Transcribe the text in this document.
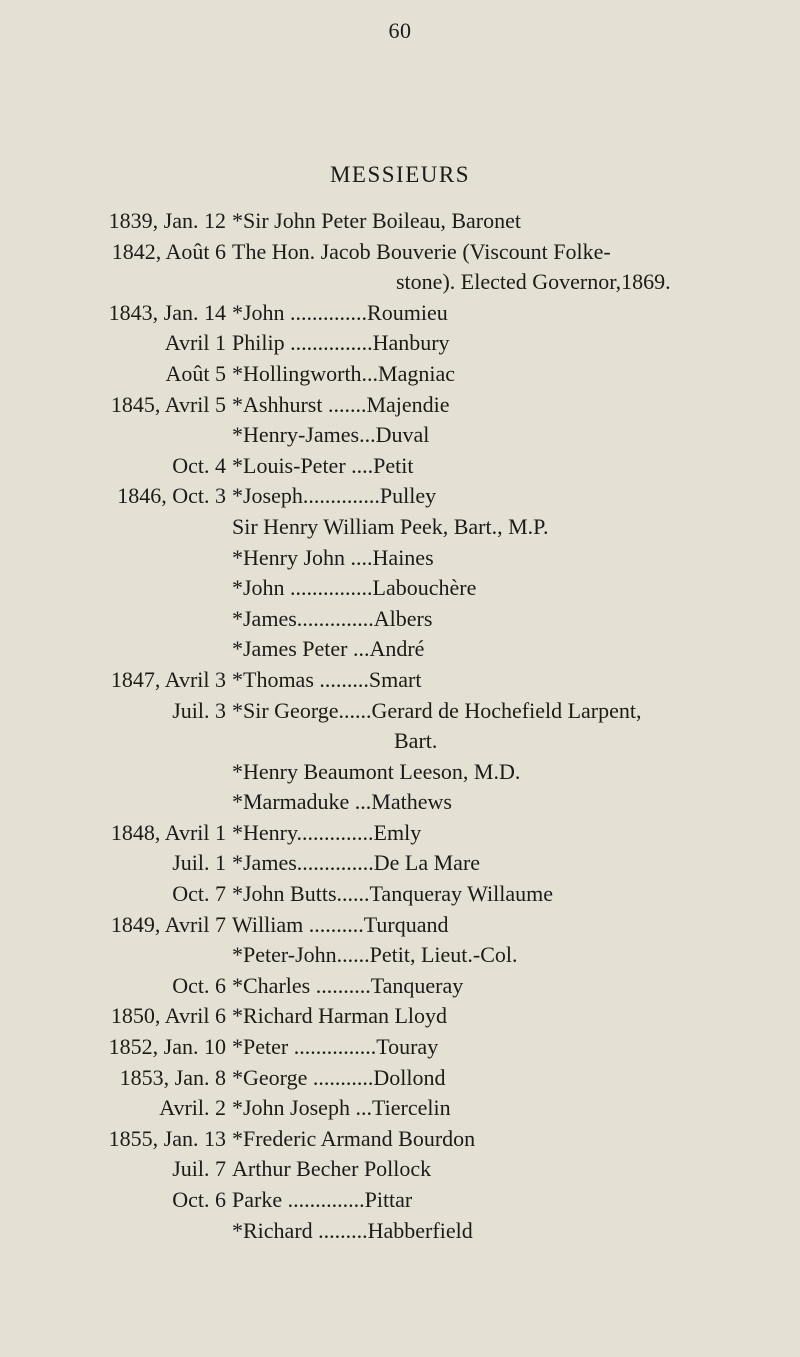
60
MESSIEURS
1839, Jan. 12 *Sir John Peter Boileau, Baronet
1842, Août 6 The Hon. Jacob Bouverie (Viscount Folke-
stone). Elected Governor,1869.
1843, Jan. 14 *John ..............Roumieu
Avril 1 Philip ...............Hanbury
Août 5 *Hollingworth...Magniac
1845, Avril 5 *Ashhurst .......Majendie
*Henry-James...Duval
Oct. 4 *Louis-Peter ....Petit
1846, Oct. 3 *Joseph..............Pulley
Sir Henry William Peek, Bart., M.P.
*Henry John ....Haines
*John ...............Labouchère
*James..............Albers
*James Peter ...André
1847, Avril 3 *Thomas .........Smart
Juil. 3 *Sir George......Gerard de Hochefield Larpent,
Bart.
*Henry Beaumont Leeson, M.D.
*Marmaduke ...Mathews
1848, Avril 1 *Henry..............Emly
Juil. 1 *James..............De La Mare
Oct. 7 *John Butts......Tanqueray Willaume
1849, Avril 7 William ..........Turquand
*Peter-John......Petit, Lieut.-Col.
Oct. 6 *Charles ..........Tanqueray
1850, Avril 6 *Richard Harman Lloyd
1852, Jan. 10 *Peter ...............Touray
1853, Jan. 8 *George ...........Dollond
Avril. 2 *John Joseph ...Tiercelin
1855, Jan. 13 *Frederic Armand Bourdon
Juil. 7 Arthur Becher Pollock
Oct. 6 Parke ..............Pittar
*Richard .........Habberfield
